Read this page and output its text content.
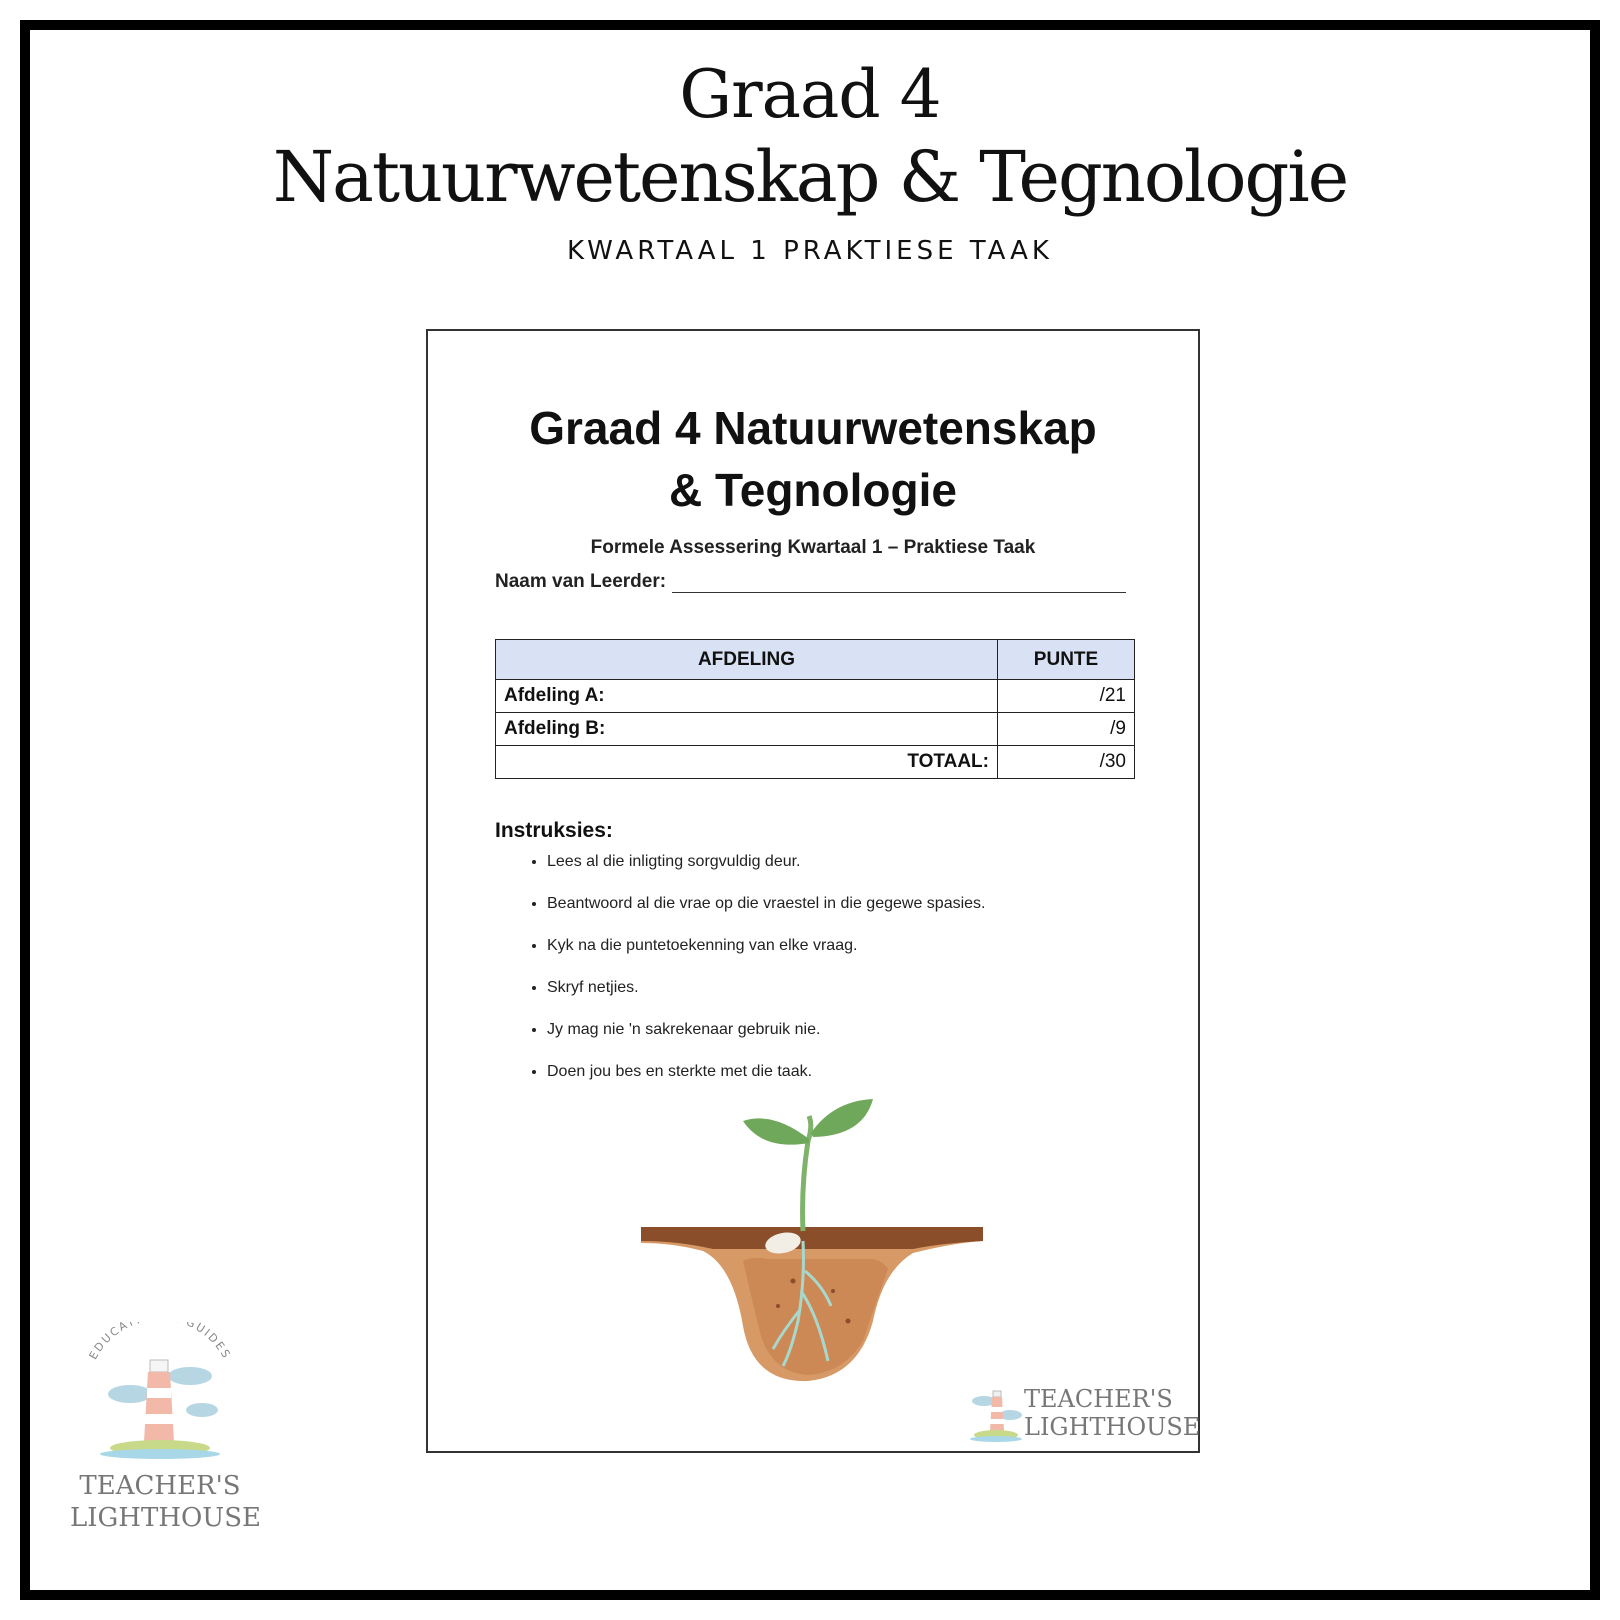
Graad 4
Natuurwetenskap & Tegnologie
KWARTAAL 1 PRAKTIESE TAAK
Graad 4 Natuurwetenskap
& Tegnologie
Formele Assessering Kwartaal 1 – Praktiese Taak
Naam van Leerder:
AFDELING	PUNTE
Afdeling A:	/21
Afdeling B:	/9
TOTAAL:	/30
Instruksies:
• Lees al die inligting sorgvuldig deur.
• Beantwoord al die vrae op die vraestel in die gegewe spasies.
• Kyk na die puntetoekenning van elke vraag.
• Skryf netjies.
• Jy mag nie 'n sakrekenaar gebruik nie.
• Doen jou bes en sterkte met die taak.
TEACHER'S
LIGHTHOUSE
EDUCAT GUIDES
TEACHER'S
LIGHTHOUSE
